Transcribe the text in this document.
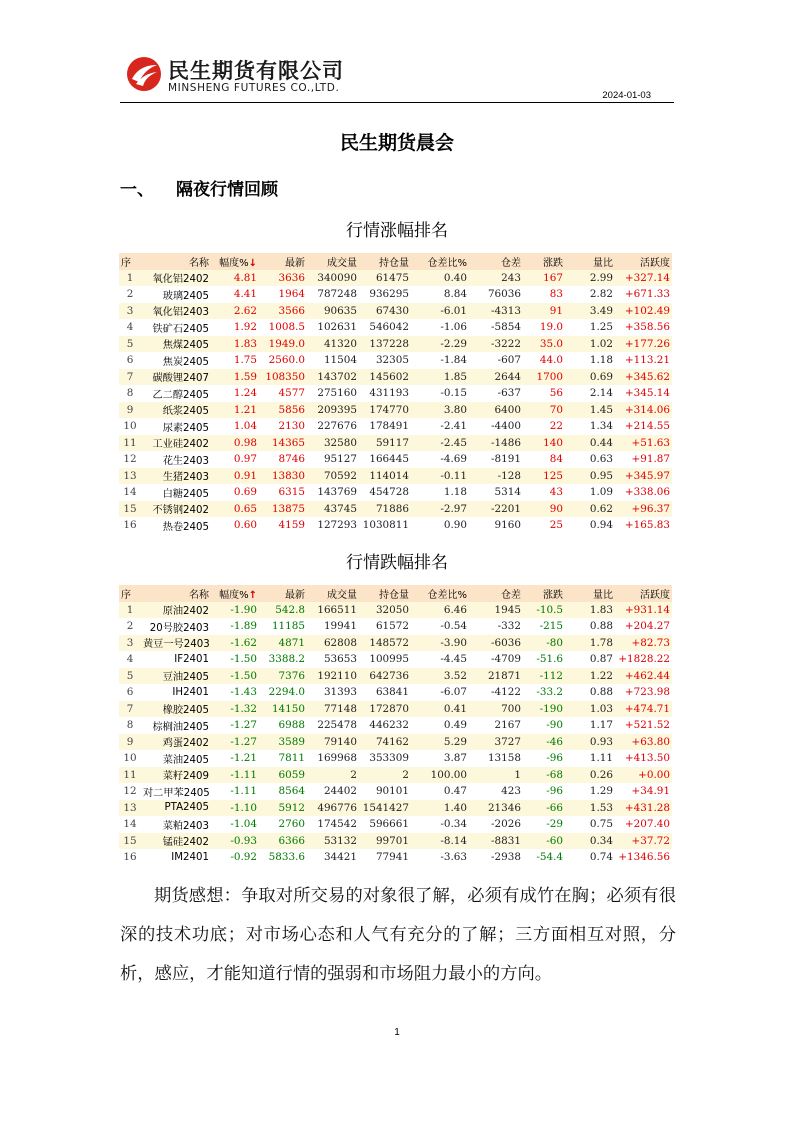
民生期货有限公司
MINSHENG FUTURES CO.,LTD.
2024-01-03
民生期货晨会
一、 隔夜行情回顾
行情涨幅排名
序	名称	幅度%↓	最新	成交量	持仓量	仓差比%	仓差	涨跌	量比	活跃度
1	氧化铝2402	4.81	3636	340090	61475	0.40	243	167	2.99	+327.14
2	玻璃2405	4.41	1964	787248	936295	8.84	76036	83	2.82	+671.33
3	氧化铝2403	2.62	3566	90635	67430	-6.01	-4313	91	3.49	+102.49
4	铁矿石2405	1.92	1008.5	102631	546042	-1.06	-5854	19.0	1.25	+358.56
5	焦煤2405	1.83	1949.0	41320	137228	-2.29	-3222	35.0	1.02	+177.26
6	焦炭2405	1.75	2560.0	11504	32305	-1.84	-607	44.0	1.18	+113.21
7	碳酸锂2407	1.59	108350	143702	145602	1.85	2644	1700	0.69	+345.62
8	乙二醇2405	1.24	4577	275160	431193	-0.15	-637	56	2.14	+345.14
9	纸浆2405	1.21	5856	209395	174770	3.80	6400	70	1.45	+314.06
10	尿素2405	1.04	2130	227676	178491	-2.41	-4400	22	1.34	+214.55
11	工业硅2402	0.98	14365	32580	59117	-2.45	-1486	140	0.44	+51.63
12	花生2403	0.97	8746	95127	166445	-4.69	-8191	84	0.63	+91.87
13	生猪2403	0.91	13830	70592	114014	-0.11	-128	125	0.95	+345.97
14	白糖2405	0.69	6315	143769	454728	1.18	5314	43	1.09	+338.06
15	不锈钢2402	0.65	13875	43745	71886	-2.97	-2201	90	0.62	+96.37
16	热卷2405	0.60	4159	127293	1030811	0.90	9160	25	0.94	+165.83
行情跌幅排名
序	名称	幅度%↑	最新	成交量	持仓量	仓差比%	仓差	涨跌	量比	活跃度
1	原油2402	-1.90	542.8	166511	32050	6.46	1945	-10.5	1.83	+931.14
2	20号胶2403	-1.89	11185	19941	61572	-0.54	-332	-215	0.88	+204.27
3	黄豆一号2403	-1.62	4871	62808	148572	-3.90	-6036	-80	1.78	+82.73
4	IF2401	-1.50	3388.2	53653	100995	-4.45	-4709	-51.6	0.87	+1828.22
5	豆油2405	-1.50	7376	192110	642736	3.52	21871	-112	1.22	+462.44
6	IH2401	-1.43	2294.0	31393	63841	-6.07	-4122	-33.2	0.88	+723.98
7	橡胶2405	-1.32	14150	77148	172870	0.41	700	-190	1.03	+474.71
8	棕榈油2405	-1.27	6988	225478	446232	0.49	2167	-90	1.17	+521.52
9	鸡蛋2402	-1.27	3589	79140	74162	5.29	3727	-46	0.93	+63.80
10	菜油2405	-1.21	7811	169968	353309	3.87	13158	-96	1.11	+413.50
11	菜籽2409	-1.11	6059	2	2	100.00	1	-68	0.26	+0.00
12	对二甲苯2405	-1.11	8564	24402	90101	0.47	423	-96	1.29	+34.91
13	PTA2405	-1.10	5912	496776	1541427	1.40	21346	-66	1.53	+431.28
14	菜粕2403	-1.04	2760	174542	596661	-0.34	-2026	-29	0.75	+207.40
15	锰硅2402	-0.93	6366	53132	99701	-8.14	-8831	-60	0.34	+37.72
16	IM2401	-0.92	5833.6	34421	77941	-3.63	-2938	-54.4	0.74	+1346.56
期货感想：争取对所交易的对象很了解，必须有成竹在胸；必须有很深的技术功底；对市场心态和人气有充分的了解；三方面相互对照，分析，感应，才能知道行情的强弱和市场阻力最小的方向。
1
